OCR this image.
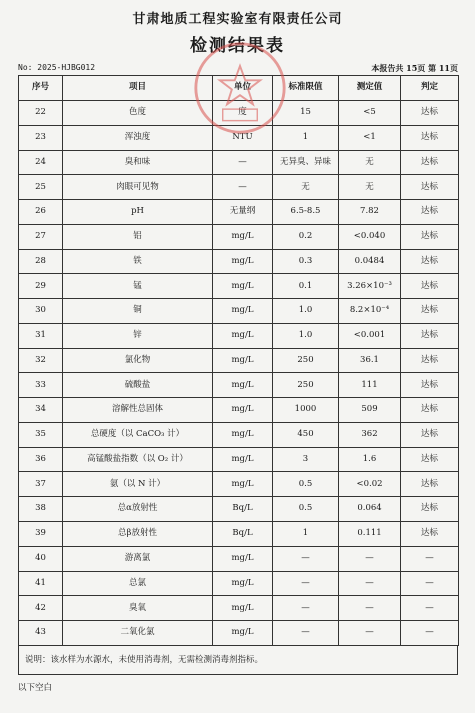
甘肃地质工程实验室有限责任公司
检测结果表
No: 2025-HJBG012	本报告共 15页 第 11页
序号	项目	单位	标准限值	测定值	判定
22	色度	度	15	<5	达标
23	浑浊度	NTU	1	<1	达标
24	臭和味	—	无异臭、异味	无	达标
25	肉眼可见物	—	无	无	达标
26	pH	无量纲	6.5-8.5	7.82	达标
27	铝	mg/L	0.2	<0.040	达标
28	铁	mg/L	0.3	0.0484	达标
29	锰	mg/L	0.1	3.26×10⁻³	达标
30	铜	mg/L	1.0	8.2×10⁻⁴	达标
31	锌	mg/L	1.0	<0.001	达标
32	氯化物	mg/L	250	36.1	达标
33	硫酸盐	mg/L	250	111	达标
34	溶解性总固体	mg/L	1000	509	达标
35	总硬度（以 CaCO₃ 计）	mg/L	450	362	达标
36	高锰酸盐指数（以 O₂ 计）	mg/L	3	1.6	达标
37	氨（以 N 计）	mg/L	0.5	<0.02	达标
38	总α放射性	Bq/L	0.5	0.064	达标
39	总β放射性	Bq/L	1	0.111	达标
40	游离氯	mg/L	—	—	—
41	总氯	mg/L	—	—	—
42	臭氧	mg/L	—	—	—
43	二氧化氯	mg/L	—	—	—
说明：该水样为水源水，未使用消毒剂，无需检测消毒剂指标。
以下空白
